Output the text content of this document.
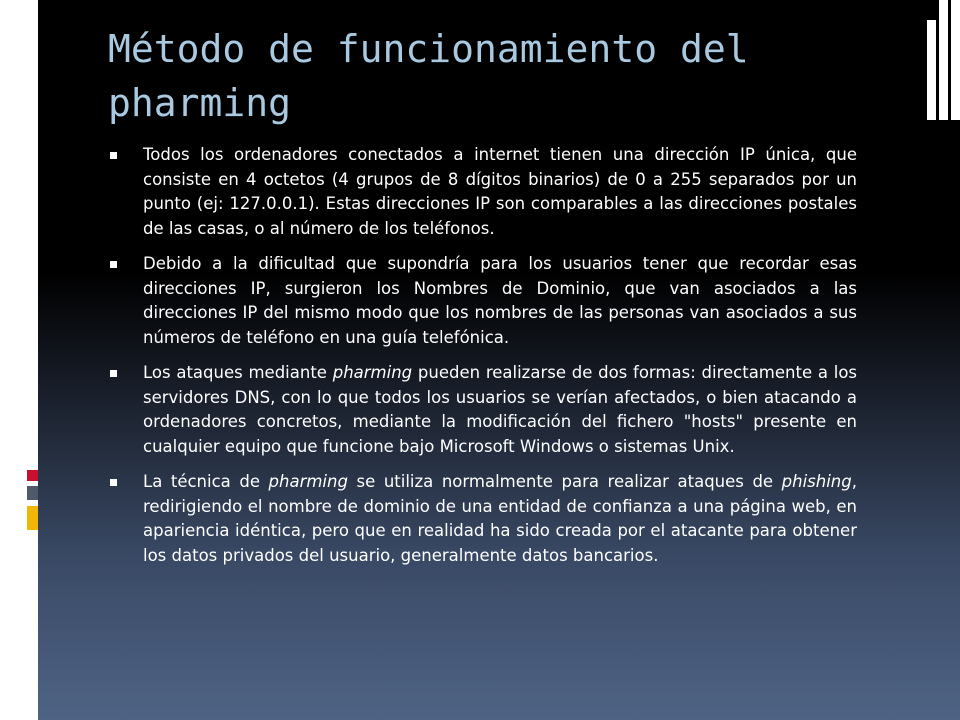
Método de funcionamiento del pharming

Todos los ordenadores conectados a internet tienen una dirección IP única, que consiste en 4 octetos (4 grupos de 8 dígitos binarios) de 0 a 255 separados por un punto (ej: 127.0.0.1). Estas direcciones IP son comparables a las direcciones postales de las casas, o al número de los teléfonos.

Debido a la dificultad que supondría para los usuarios tener que recordar esas direcciones IP, surgieron los Nombres de Dominio, que van asociados a las direcciones IP del mismo modo que los nombres de las personas van asociados a sus números de teléfono en una guía telefónica.

Los ataques mediante pharming pueden realizarse de dos formas: directamente a los servidores DNS, con lo que todos los usuarios se verían afectados, o bien atacando a ordenadores concretos, mediante la modificación del fichero "hosts" presente en cualquier equipo que funcione bajo Microsoft Windows o sistemas Unix.

La técnica de pharming se utiliza normalmente para realizar ataques de phishing, redirigiendo el nombre de dominio de una entidad de confianza a una página web, en apariencia idéntica, pero que en realidad ha sido creada por el atacante para obtener los datos privados del usuario, generalmente datos bancarios.
